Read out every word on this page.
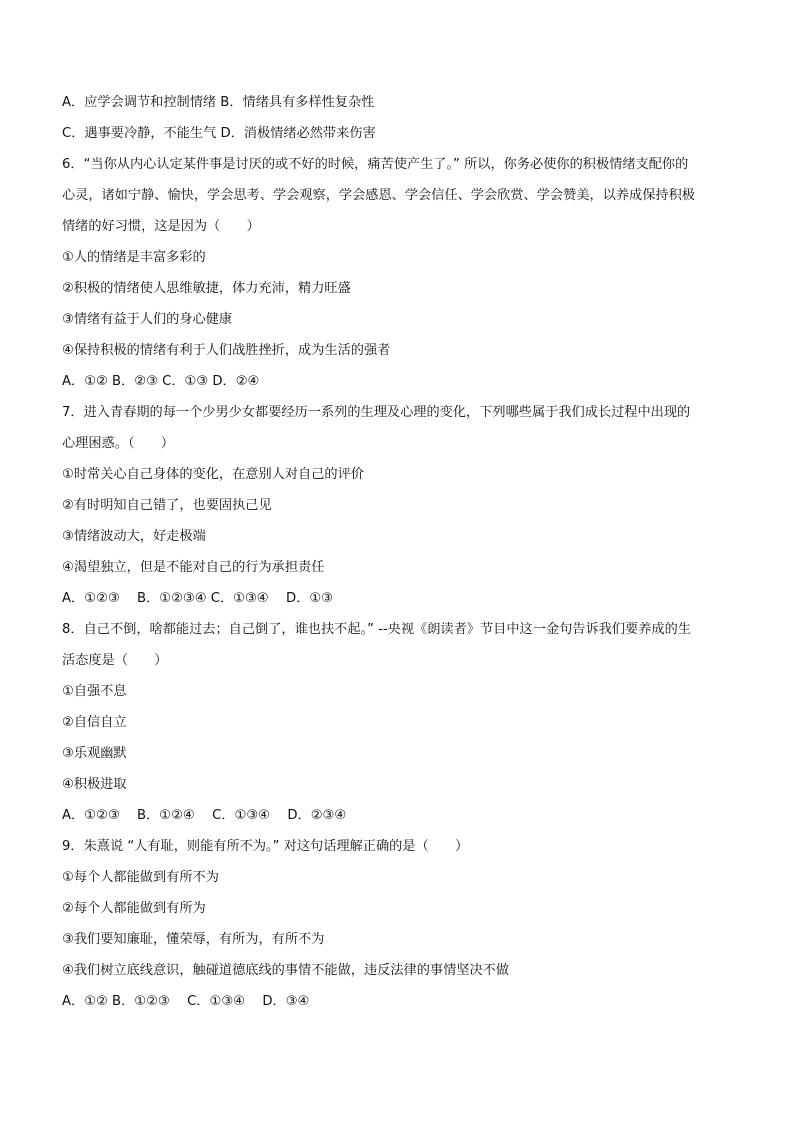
A．应学会调节和控制情绪 B．情绪具有多样性复杂性
C．遇事要冷静，不能生气 D．消极情绪必然带来伤害
6．“当你从内心认定某件事是讨厌的或不好的时候，痛苦使产生了。” 所以，你务必使你的积极情绪支配你的
心灵，诸如宁静、愉快，学会思考、学会观察，学会感恩、学会信任、学会欣赏、学会赞美，以养成保持积极
情绪的好习惯，这是因为（　　）
①人的情绪是丰富多彩的
②积极的情绪使人思维敏捷，体力充沛，精力旺盛
③情绪有益于人们的身心健康
④保持积极的情绪有利于人们战胜挫折，成为生活的强者
A．①② B．②③ C．①③ D．②④
7．进入青春期的每一个少男少女都要经历一系列的生理及心理的变化，下列哪些属于我们成长过程中出现的
心理困惑。（　　）
①时常关心自己身体的变化，在意别人对自己的评价
②有时明知自己错了，也要固执己见
③情绪波动大，好走极端
④渴望独立，但是不能对自己的行为承担责任
A．①②③　 B．①②③④ C．①③④　 D．①③
8．自己不倒，啥都能过去；自己倒了，谁也扶不起。” --央视《朗读者》节目中这一金句告诉我们要养成的生
活态度是（　　）
①自强不息
②自信自立
③乐观幽默
④积极进取
A．①②③　 B．①②④　 C．①③④　 D．②③④
9．朱熹说 “人有耻，则能有所不为。” 对这句话理解正确的是（　　）
①每个人都能做到有所不为
②每个人都能做到有所为
③我们要知廉耻，懂荣辱，有所为，有所不为
④我们树立底线意识，触碰道德底线的事情不能做，违反法律的事情坚决不做
A．①② B．①②③　 C．①③④　 D．③④
